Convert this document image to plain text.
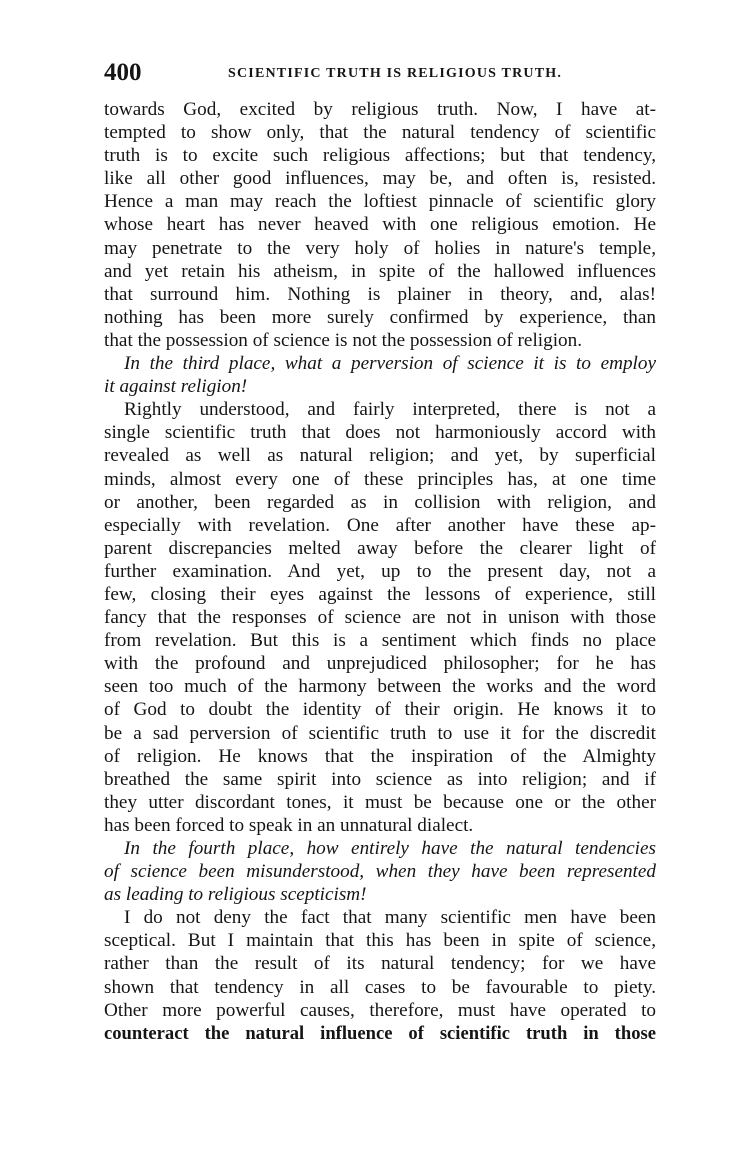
400	SCIENTIFIC TRUTH IS RELIGIOUS TRUTH.
towards God, excited by religious truth. Now, I have at-
tempted to show only, that the natural tendency of scientific
truth is to excite such religious affections; but that tendency,
like all other good influences, may be, and often is, resisted.
Hence a man may reach the loftiest pinnacle of scientific glory
whose heart has never heaved with one religious emotion. He
may penetrate to the very holy of holies in nature's temple,
and yet retain his atheism, in spite of the hallowed influences
that surround him. Nothing is plainer in theory, and, alas!
nothing has been more surely confirmed by experience, than
that the possession of science is not the possession of religion.
In the third place, what a perversion of science it is to employ
it against religion!
Rightly understood, and fairly interpreted, there is not a
single scientific truth that does not harmoniously accord with
revealed as well as natural religion; and yet, by superficial
minds, almost every one of these principles has, at one time
or another, been regarded as in collision with religion, and
especially with revelation. One after another have these ap-
parent discrepancies melted away before the clearer light of
further examination. And yet, up to the present day, not a
few, closing their eyes against the lessons of experience, still
fancy that the responses of science are not in unison with those
from revelation. But this is a sentiment which finds no place
with the profound and unprejudiced philosopher; for he has
seen too much of the harmony between the works and the word
of God to doubt the identity of their origin. He knows it to
be a sad perversion of scientific truth to use it for the discredit
of religion. He knows that the inspiration of the Almighty
breathed the same spirit into science as into religion; and if
they utter discordant tones, it must be because one or the other
has been forced to speak in an unnatural dialect.
In the fourth place, how entirely have the natural tendencies
of science been misunderstood, when they have been represented
as leading to religious scepticism!
I do not deny the fact that many scientific men have been
sceptical. But I maintain that this has been in spite of science,
rather than the result of its natural tendency; for we have
shown that tendency in all cases to be favourable to piety.
Other more powerful causes, therefore, must have operated to
counteract the natural influence of scientific truth in those
